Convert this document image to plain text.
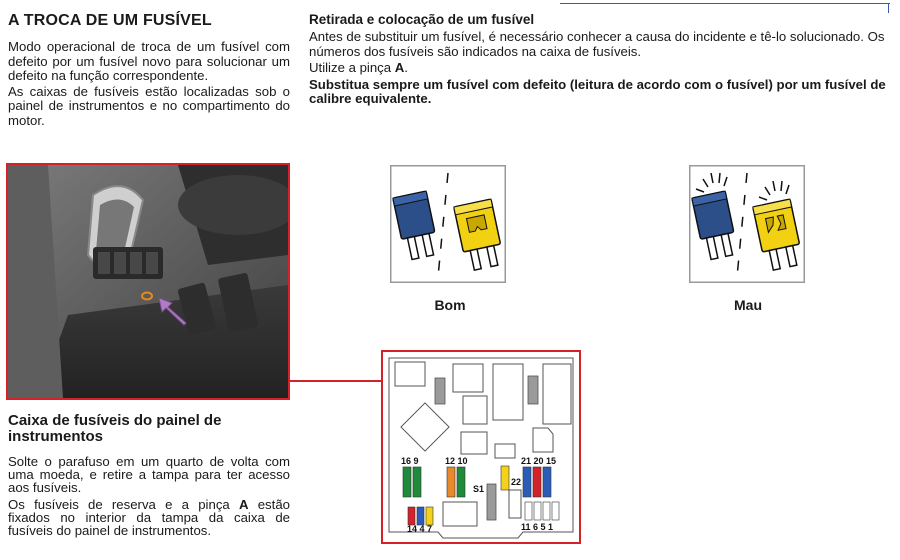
A TROCA DE UM FUSÍVEL

Modo operacional de troca de um fusível com defeito por um fusível novo para solucionar um defeito na função correspondente.

As caixas de fusíveis estão localizadas sob o painel de instrumentos e no compartimento do motor.

Retirada e colocação de um fusível

Antes de substituir um fusível, é necessário conhecer a causa do incidente e tê-lo solucionado. Os números dos fusíveis são indicados na caixa de fusíveis.

Utilize a pinça A.

Substitua sempre um fusível com defeito (leitura de acordo com o fusível) por um fusível de calibre equivalente.

Caixa de fusíveis do painel de instrumentos

Solte o parafuso em um quarto de volta com uma moeda, e retire a tampa para ter acesso aos fusíveis.

Os fusíveis de reserva e a pinça A estão fixados no interior da tampa da caixa de fusíveis do painel de instrumentos.

Bom	Mau
16 9	12 10	21 20 15
22
S1
14 4 7	11 6 5 1
